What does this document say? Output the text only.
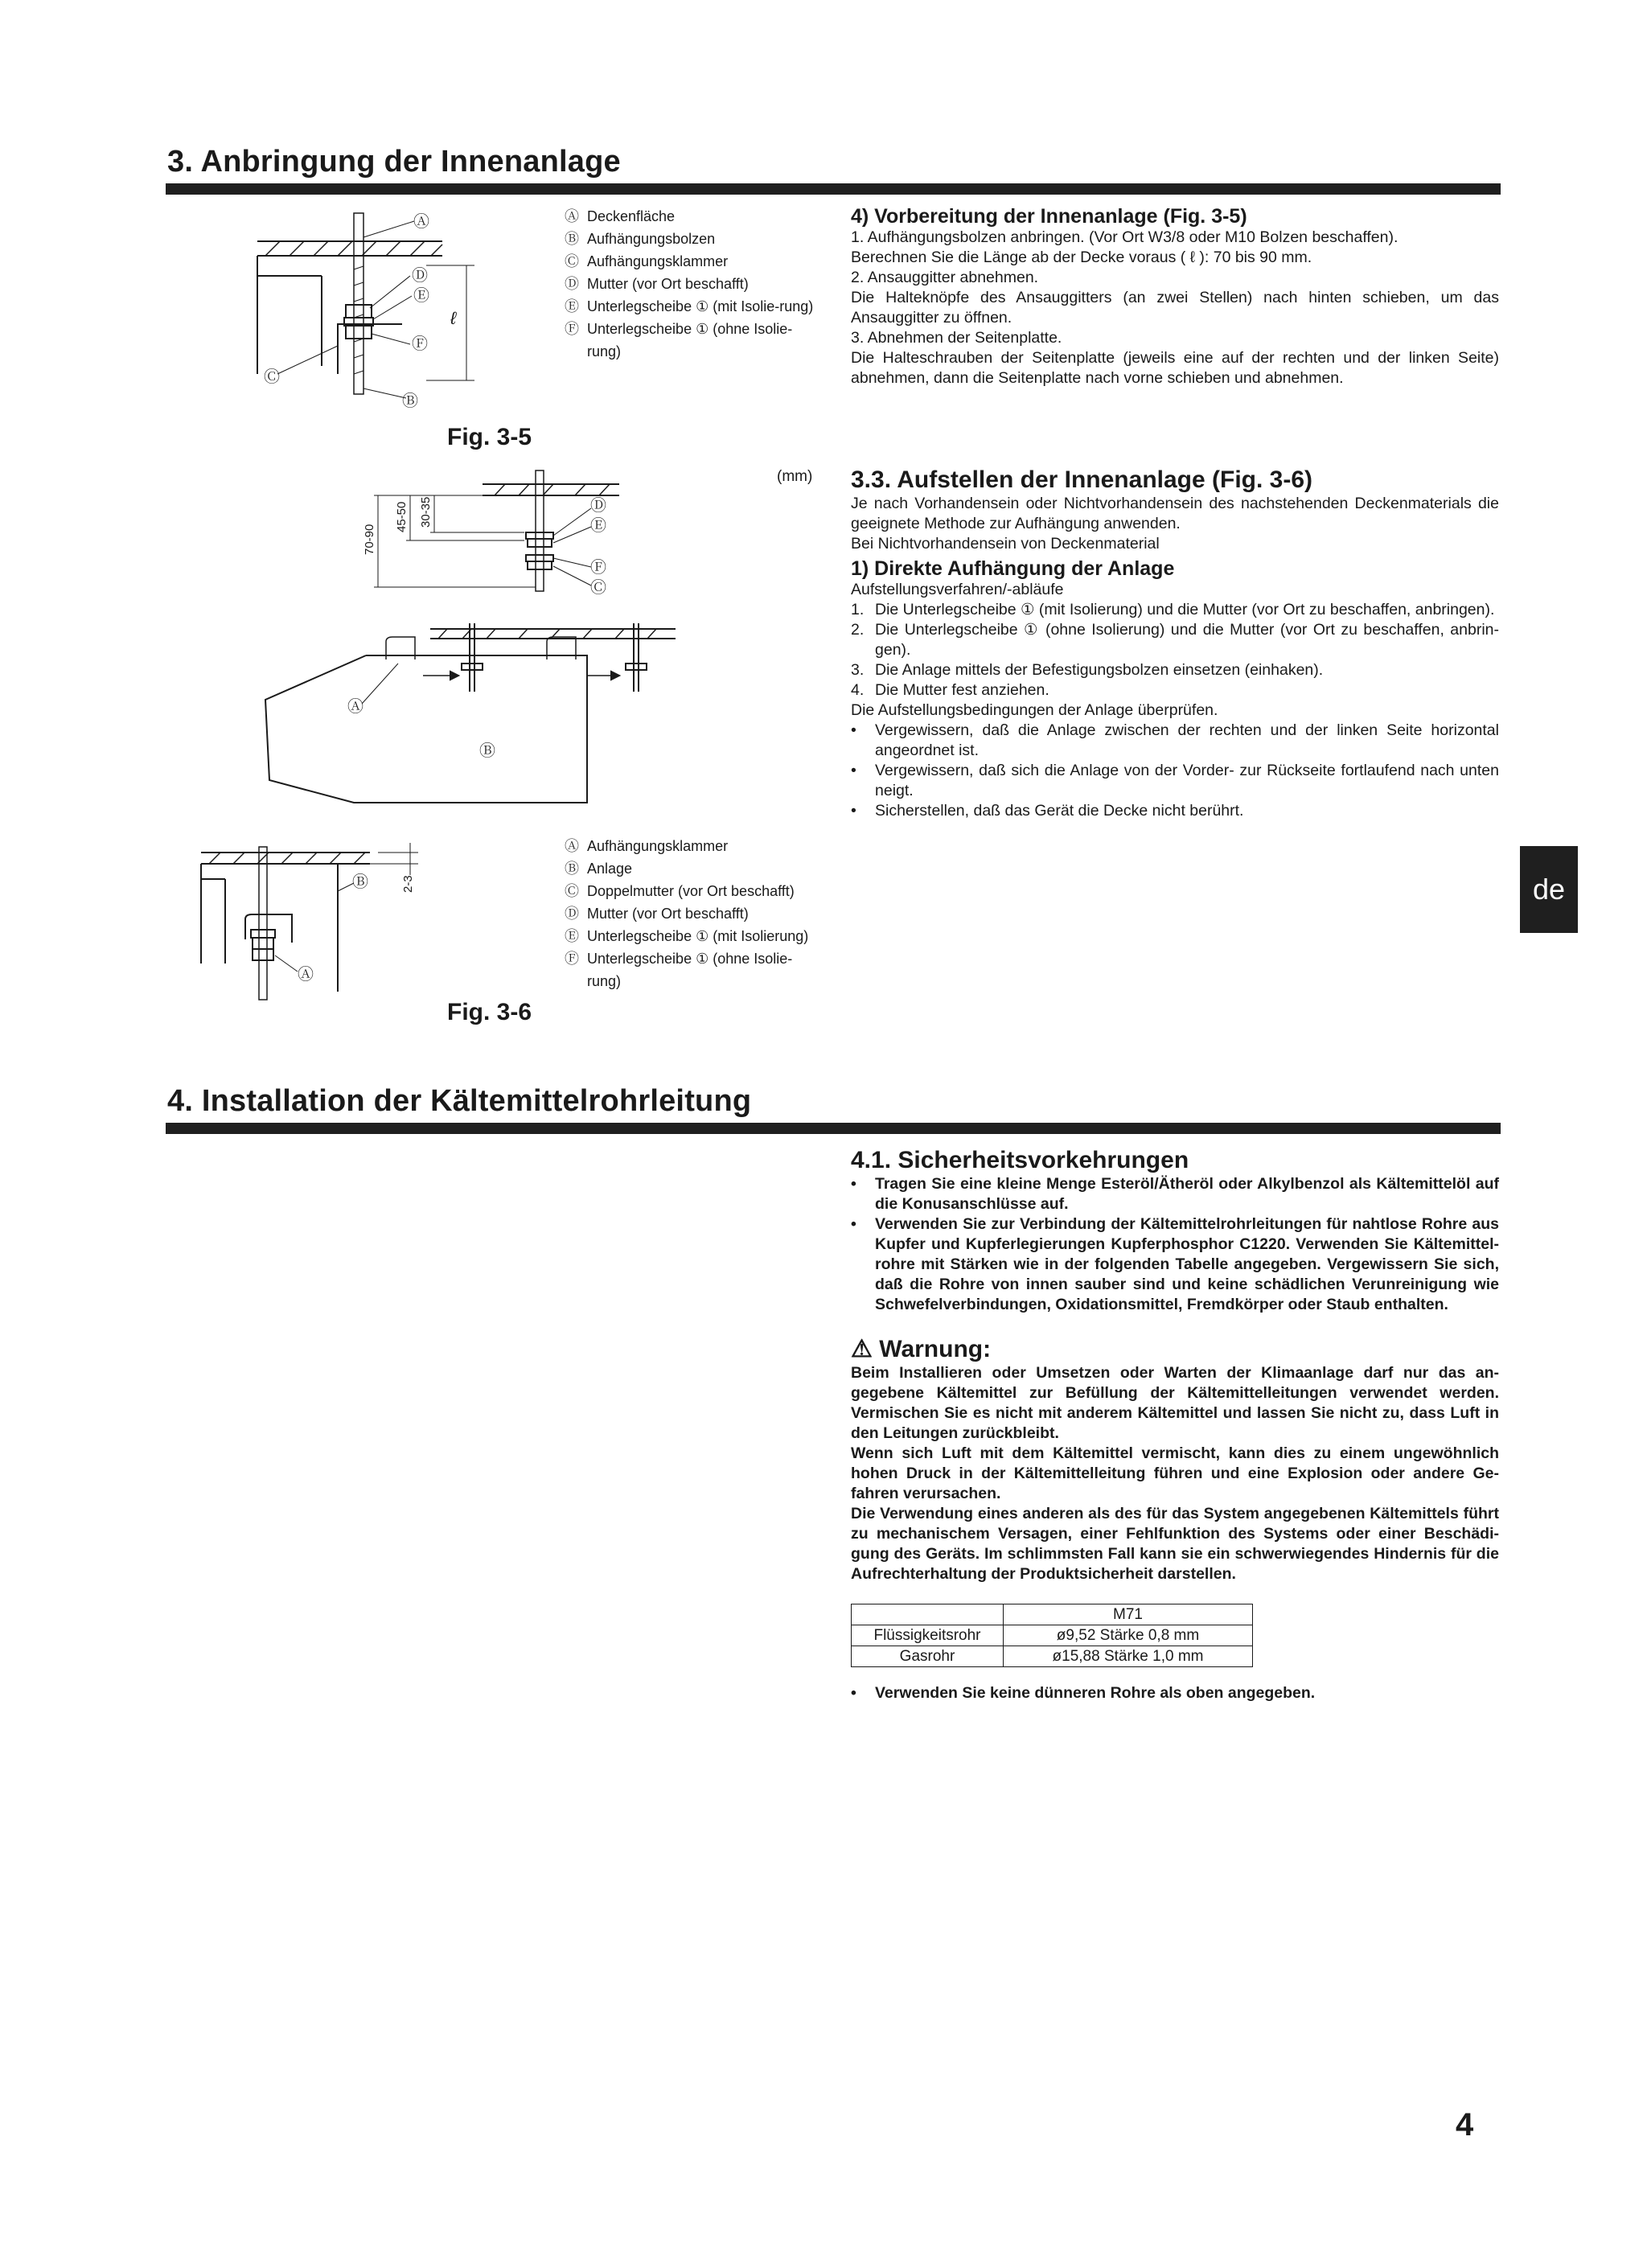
3. Anbringung der Innenanlage
Ⓐ
Ⓓ
Ⓔ
Ⓕ
Ⓑ
Ⓒ
ℓ
Ⓐ Deckenfläche
Ⓑ Aufhängungsbolzen
Ⓒ Aufhängungsklammer
Ⓓ Mutter (vor Ort beschafft)
Ⓔ Unterlegscheibe ① (mit Isolie-rung)
Ⓕ Unterlegscheibe ① (ohne Isolie-rung)
Fig. 3-5

4) Vorbereitung der Innenanlage (Fig. 3-5)

1. Aufhängungsbolzen anbringen. (Vor Ort W3/8 oder M10 Bolzen beschaffen).

Berechnen Sie die Länge ab der Decke voraus ( ℓ ): 70 bis 90 mm.

2. Ansauggitter abnehmen.

Die Halteknöpfe des Ansauggitters (an zwei Stellen) nach hinten schieben, um das Ansauggitter zu öffnen.

3. Abnehmen der Seitenplatte.

Die Halteschrauben der Seitenplatte (jeweils eine auf der rechten und der linken Seite) abnehmen, dann die Seitenplatte nach vorne schieben und abnehmen.

(mm)
70-90
45-50 30-35	Ⓓ
Ⓔ
Ⓕ
Ⓒ
Ⓐ
Ⓑ
2-3
Ⓑ
Ⓐ
Ⓐ Aufhängungsklammer
Ⓑ Anlage
Ⓒ Doppelmutter (vor Ort beschafft)
Ⓓ Mutter (vor Ort beschafft)
Ⓔ Unterlegscheibe ① (mit Isolierung)
Ⓕ Unterlegscheibe ① (ohne Isolie-rung)
Fig. 3-6

3.3. Aufstellen der Innenanlage (Fig. 3-6)

Je nach Vorhandensein oder Nichtvorhandensein des nachstehenden Deckenmaterials die geeignete Methode zur Aufhängung anwenden.

Bei Nichtvorhandensein von Deckenmaterial

1) Direkte Aufhängung der Anlage

Aufstellungsverfahren/-abläufe

1. Die Unterlegscheibe ① (mit Isolierung) und die Mutter (vor Ort zu beschaffen, anbringen).
2. Die Unterlegscheibe ① (ohne Isolierung) und die Mutter (vor Ort zu beschaffen, anbrin-gen).
3. Die Anlage mittels der Befestigungsbolzen einsetzen (einhaken).
4. Die Mutter fest anziehen.

Die Aufstellungsbedingungen der Anlage überprüfen.

•	Vergewissern, daß die Anlage zwischen der rechten und der linken Seite horizontal angeordnet ist.
•	Vergewissern, daß sich die Anlage von der Vorder- zur Rückseite fortlaufend nach unten neigt.
•	Sicherstellen, daß das Gerät die Decke nicht berührt.
de
4. Installation der Kältemittelrohrleitung

4.1. Sicherheitsvorkehrungen

•	Tragen Sie eine kleine Menge Esteröl/Ätheröl oder Alkylbenzol als Kältemittelöl auf die Konusanschlüsse auf.
•	Verwenden Sie zur Verbindung der Kältemittelrohrleitungen für nahtlose Rohre aus Kupfer und Kupferlegierungen Kupferphosphor C1220. Verwenden Sie Kältemittel-rohre mit Stärken wie in der folgenden Tabelle angegeben. Vergewissern Sie sich, daß die Rohre von innen sauber sind und keine schädlichen Verunreinigung wie Schwefelverbindungen, Oxidationsmittel, Fremdkörper oder Staub enthalten.

⚠ Warnung:

Beim Installieren oder Umsetzen oder Warten der Klimaanlage darf nur das an-gegebene Kältemittel zur Befüllung der Kältemittelleitungen verwendet werden. Vermischen Sie es nicht mit anderem Kältemittel und lassen Sie nicht zu, dass Luft in den Leitungen zurückbleibt.

Wenn sich Luft mit dem Kältemittel vermischt, kann dies zu einem ungewöhnlich hohen Druck in der Kältemittelleitung führen und eine Explosion oder andere Ge-fahren verursachen.

Die Verwendung eines anderen als des für das System angegebenen Kältemittels führt zu mechanischem Versagen, einer Fehlfunktion des Systems oder einer Beschädi-gung des Geräts. Im schlimmsten Fall kann sie ein schwerwiegendes Hindernis für die Aufrechterhaltung der Produktsicherheit darstellen.

	M71
Flüssigkeitsrohr	ø9,52 Stärke 0,8 mm
Gasrohr	ø15,88 Stärke 1,0 mm
•	Verwenden Sie keine dünneren Rohre als oben angegeben.
4
